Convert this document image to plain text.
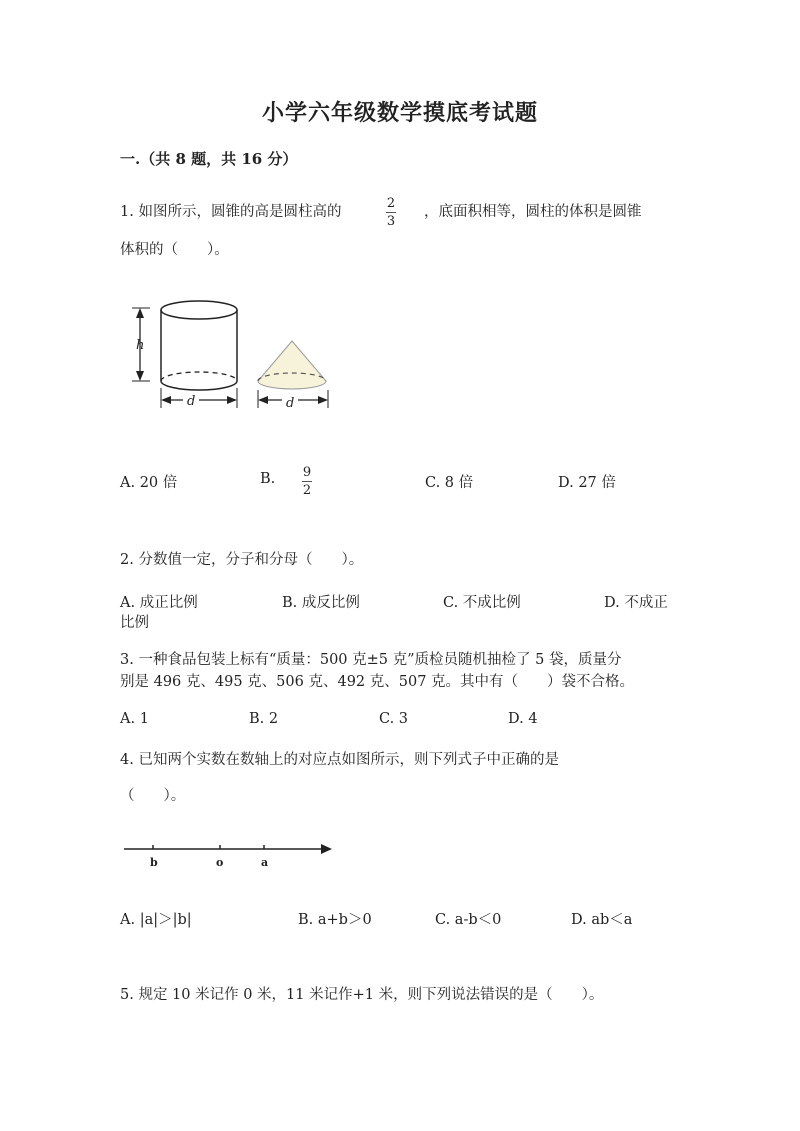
小学六年级数学摸底考试题
一.（共 8 题，共 16 分）
1. 如图所示，圆锥的高是圆柱高的
2
3
，底面积相等，圆柱的体积是圆锥
体积的（　　）。
h
d	d
A. 20 倍	B. 9
2	C. 8 倍	D. 27 倍
2. 分数值一定，分子和分母（　　）。
A. 成正比例	B. 成反比例	C. 不成比例	D. 不成正
比例
3. 一种食品包装上标有“质量：500 克±5 克”质检员随机抽检了 5 袋，质量分
别是 496 克、495 克、506 克、492 克、507 克。其中有（　　）袋不合格。
A. 1	B. 2	C. 3	D. 4
4. 已知两个实数在数轴上的对应点如图所示，则下列式子中正确的是
（　　）。
b	o	a
A. |a|＞|b|	B. a+b＞0	C. a-b＜0	D. ab＜a
5. 规定 10 米记作 0 米，11 米记作+1 米，则下列说法错误的是（　　）。
